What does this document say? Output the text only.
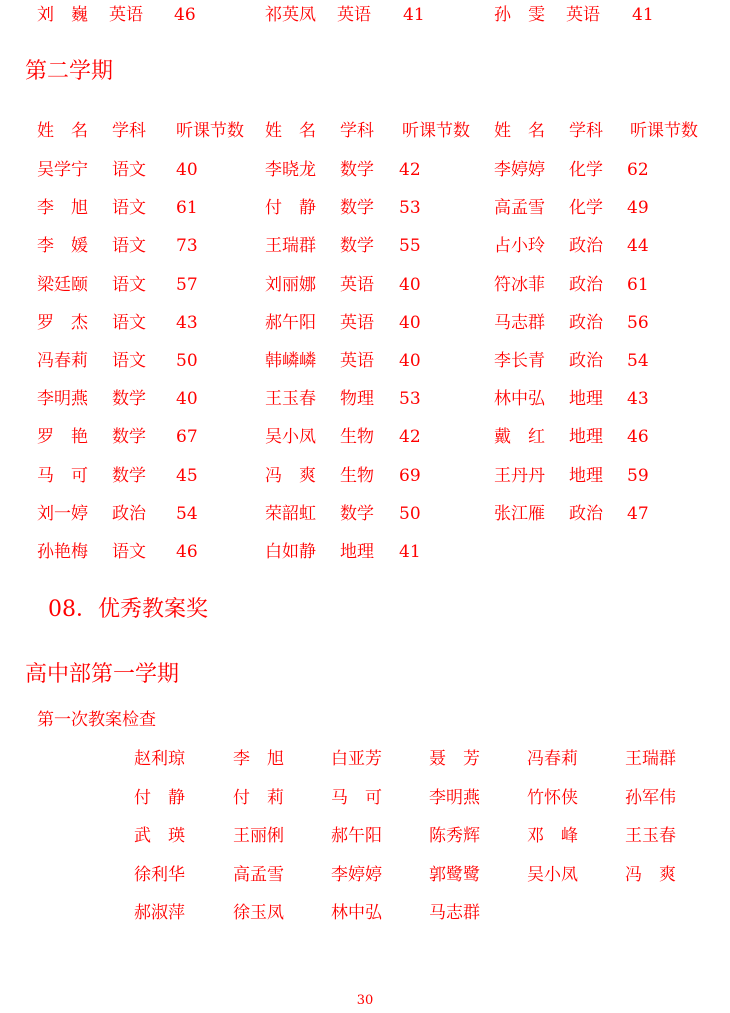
刘　巍 英语 46	祁英凤 英语 41	孙　雯 英语 41
第二学期
姓　名 学科 听课节数 姓　名 学科 听课节数 姓　名 学科 听课节数
吴学宁 语文 40	李晓龙 数学 42	李婷婷 化学 62
李　旭 语文 61	付　静 数学 53	高孟雪 化学 49
李　媛 语文 73	王瑞群 数学 55	占小玲 政治 44
梁廷颐 语文 57	刘丽娜 英语 40	符冰菲 政治 61
罗　杰 语文 43	郝午阳 英语 40	马志群 政治 56
冯春莉 语文 50	韩嶙嶙 英语 40	李长青 政治 54
李明燕 数学 40	王玉春 物理 53	林中弘 地理 43
罗　艳 数学 67	吴小凤 生物 42	戴　红 地理 46
马　可 数学 45	冯　爽 生物 69	王丹丹 地理 59
刘一婷 政治 54	荣韶虹 数学 50	张江雁 政治 47
孙艳梅 语文 46	白如静 地理 41
08．优秀教案奖
高中部第一学期
第一次教案检查
赵利琼	李　旭	白亚芳	聂　芳	冯春莉	王瑞群
付　静	付　莉	马　可	李明燕	竹怀侠	孙军伟
武　瑛	王丽俐	郝午阳	陈秀辉	邓　峰	王玉春
徐利华	高孟雪	李婷婷	郭鹭鹭	吴小凤	冯　爽
郝淑萍	徐玉凤	林中弘	马志群
30
